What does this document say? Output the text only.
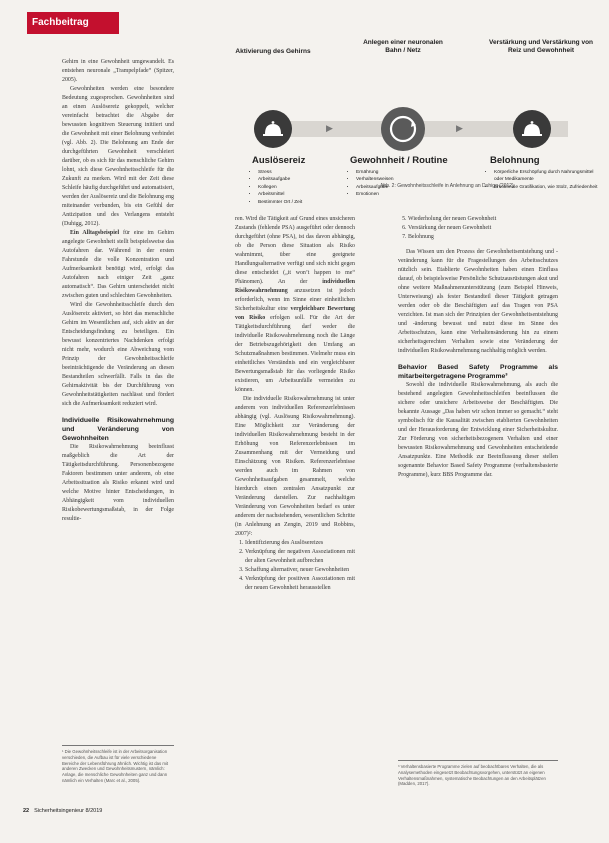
Fachbeitrag
Aktivierung des Gehirns
Anlegen einer neuronalen Bahn / Netz
Verstärkung und Verstärkung von Reiz und Gewohnheit
▶	▶
Auslösereiz	Gewohnheit / Routine	Belohnung
• Stress
• Arbeitsaufgabe
• Kollegen
• Arbeitsmittel
• Bestimmter Ort / Zeit
• Ernährung
• Verhaltensweisen
• Arbeitsaufgabe
• Emotionen
• Körperliche Erschöpfung durch Nahrungsmittel oder Medikamente
• Emotionale Gratifikation, wie Stolz, Zufriedenheit
Abb. 2: Gewohnheitsschleife in Anlehnung an Duhigg (2012)

Gehirn in eine Gewohnheit umgewandelt. Es entstehen neuronale „Trampelpfade“ (Spitzer, 2005).

Gewohnheiten werden eine besondere Bedeutung zugesprochen. Gewohnheiten sind an einen Auslösereiz gekoppelt, welcher vereinfacht betrachtet die Abgabe der bewussten kognitiven Steuerung initiiert und die Gewohnheit mit einer Belohnung verbindet (vgl. Abb. 2). Die Belohnung am Ende der durchgeführten Gewohnheit verschleiert darüber, ob es sich für das menschliche Gehirn lohnt, sich diese Gewohnheitsschleife für die Zukunft zu merken. Wird mit der Zeit diese Schleife häufig durchgeführt und automatisiert, werden der Auslösereiz und die Belohnung eng miteinander verbunden, bis ein Gefühl der Antizipation und des Verlangens entsteht (Duhigg, 2012).

Ein Alltagsbeispiel für eine im Gehirn angelegte Gewohnheit stellt beispielsweise das Autofahren dar. Während in der ersten Fahrstunde die volle Konzentration und Aufmerksamkeit benötigt wird, erfolgt das Autofahren nach einiger Zeit „ganz automatisch“. Das Gehirn unterscheidet nicht zwischen guten und schlechten Gewohnheiten.

Wird die Gewohnheitsschleife durch den Auslösereiz aktiviert, so hört das menschliche Gehirn im Wesentlichen auf, sich aktiv an der Entscheidungsfindung zu beteiligen. Ein bewusst konzentriertes Nachdenken erfolgt nicht mehr, wodurch eine Abweichung vom Prinzip der Gewohnheitsschleife beeinträchtigende die Veränderung an diesen Bestandteilen schwerfällt. Falls in das die Gehirnaktivität bis der Durchführung von Gewohnheitstätigkeiten nachlässt und fördert sich die Aufmerksamkeit reduziert wird.

Individuelle Risikowahrnehmung und Veränderung von Gewohnheiten

Die Risikowahrnehmung beeinflusst maßgeblich die Art der Tätigkeitsdurchführung. Personenbezogene Faktoren bestimmen unter anderem, ob eine Arbeitssituation als Risiko erkannt wird und welche Motive hinter Entscheidungen, in Abhängigkeit vom individuellen Risikobewertungsmaßstab, in der Folge resultie-

¹ Die Gewohnheitsschleife ist in der Arbeitsorganisation verschieden, die Aufbau ist für viele verschiedene Bereiche der Lebensführung ähnlich. Wichtig ist das mit anderen Zwecken und Gewohnheitsmustern, nämlich: Anlage, die menschliche Gewohnheiten ganz und dann nämlich ein Verhalten (Marc et al., 2005).

ren. Wird die Tätigkeit auf Grund eines unsicheren Zustands (fehlende PSA) ausgeführt oder dennoch durchgeführt (ohne PSA), ist das davon abhängig, ob die Person diese Situation als Risiko wahrnimmt, über eine geeignete Handlungsalternative verfügt und sich nicht gegen diese entscheidet („it won’t happen to me“ Phänomen). An der individuellen Risikowahrnehmung anzusetzen ist jedoch erforderlich, wenn im Sinne einer einheitlichen Sicherheitskultur eine vergleichbare Bewertung von Risiko erfolgen soll. Für die Art der Tätigkeitsdurchführung darf weder die individuelle Risikowahrnehmung noch die Länge der Betriebszugehörigkeit den Umfang an Schutzmaßnahmen bestimmen. Vielmehr muss ein einheitliches Verständnis und ein vergleichbarer Bewertungsmaßstab für das vorliegende Risiko existieren, um Arbeitsunfälle vermeiden zu können.

Die individuelle Risikowahrnehmung ist unter anderem von individuellen Referenzerlebnissen abhängig (vgl. Auslösung Risikowahrnehmung). Eine Möglichkeit zur Veränderung der individuellen Risikowahrnehmung besteht in der Erhöhung von Referenzerlebnissen im Zusammenhang mit der Vermeidung und Einschätzung von Risiken. Referenzerlebnisse werden auch im Rahmen von Gewohnheitsaufgaben gesammelt, welche hierdurch einen zentralen Ansatzpunkt zur Veränderung darstellen. Zur nachhaltigen Veränderung von Gewohnheiten bedarf es unter anderem der nachstehenden, wesentlichen Schritte (in Anlehnung an Zengin, 2019 und Robbins, 2007)²:

1. Identifizierung des Auslösereizes
2. Verknüpfung der negativen Assoziationen mit der alten Gewohnheit aufbrechen
3. Schaffung alternativer, neuer Gewohnheiten
4. Verknüpfung der positiven Assoziationen mit der neuen Gewohnheit herausstellen
5. Wiederholung der neuen Gewohnheit
6. Verstärkung der neuen Gewohnheit
7. Belohnung

Das Wissen um den Prozess der Gewohnheitsentstehung und -veränderung kann für die Fragestellungen des Arbeitsschutzes nützlich sein. Etablierte Gewohnheiten haben einen Einfluss darauf, ob beispielsweise Persönliche Schutzausrüstungen akut und ohne weitere Maßnahmenunterstützung (zum Beispiel Hinweis, Unterweisung) als fester Bestandteil dieser Tätigkeit getragen werden oder ob die Beschäftigten auf das Tragen von PSA verzichten. Ist man sich der Prinzipien der Gewohnheitsentstehung und -änderung bewusst und nutzt diese im Sinne des Arbeitsschutzes, kann eine Verhaltensänderung hin zu einem sicherheitsgerechten Verhalten sowie eine Veränderung der individuellen Risikowahrnehmung nachhaltig möglich werden.

Behavior Based Safety Programme als mitarbeitergetragene Programme³

Sowohl die individuelle Risikowahrnehmung, als auch die bestehend angelegten Gewohnheitsschleifen beeinflussen die sichere oder unsichere Arbeitsweise der Beschäftigten. Die bekannte Aussage „Das haben wir schon immer so gemacht.“ steht symbolisch für die Kausalität zwischen etablierten Gewohnheiten und der Herausforderung der Entwicklung einer Sicherheitskultur. Zur Förderung von sicherheitsbezogenem Verhalten und einer bewussten Risikowahrnehmung und Gewohnheiten entscheidende Ansatzpunkte. Eine Methodik zur Beeinflussung dieser stellen sogenannte Behavior Based Safety Programme (verhaltensbasierte Programme), kurz BBS Programme dar.

³ Verhaltensbasierte Programme zielen auf beobachtbares Verhalten, die als Analysemethoden eingesetzt Beobachtungsvorgehen, unterstützt an eigenen Verhaltensmaßnahmen, systematische Beobachtungen an den Arbeitsplätzen (Madden, 2017).
22 Sicherheitsingenieur 8/2019
